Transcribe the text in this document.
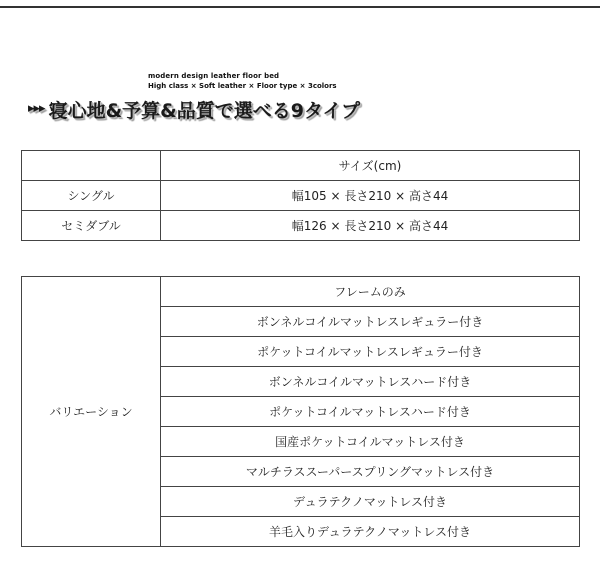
modern design leather floor bed
High class × Soft leather × Floor type × 3colors
▸▸▸ 寝心地&予算&品質で選べる9タイプ
	サイズ(cm)
シングル	幅105 × 長さ210 × 高さ44
セミダブル	幅126 × 長さ210 × 高さ44
バリエーション	フレームのみ
ボンネルコイルマットレスレギュラー付き
ポケットコイルマットレスレギュラー付き
ボンネルコイルマットレスハード付き
ポケットコイルマットレスハード付き
国産ポケットコイルマットレス付き
マルチラススーパースプリングマットレス付き
デュラテクノマットレス付き
羊毛入りデュラテクノマットレス付き
